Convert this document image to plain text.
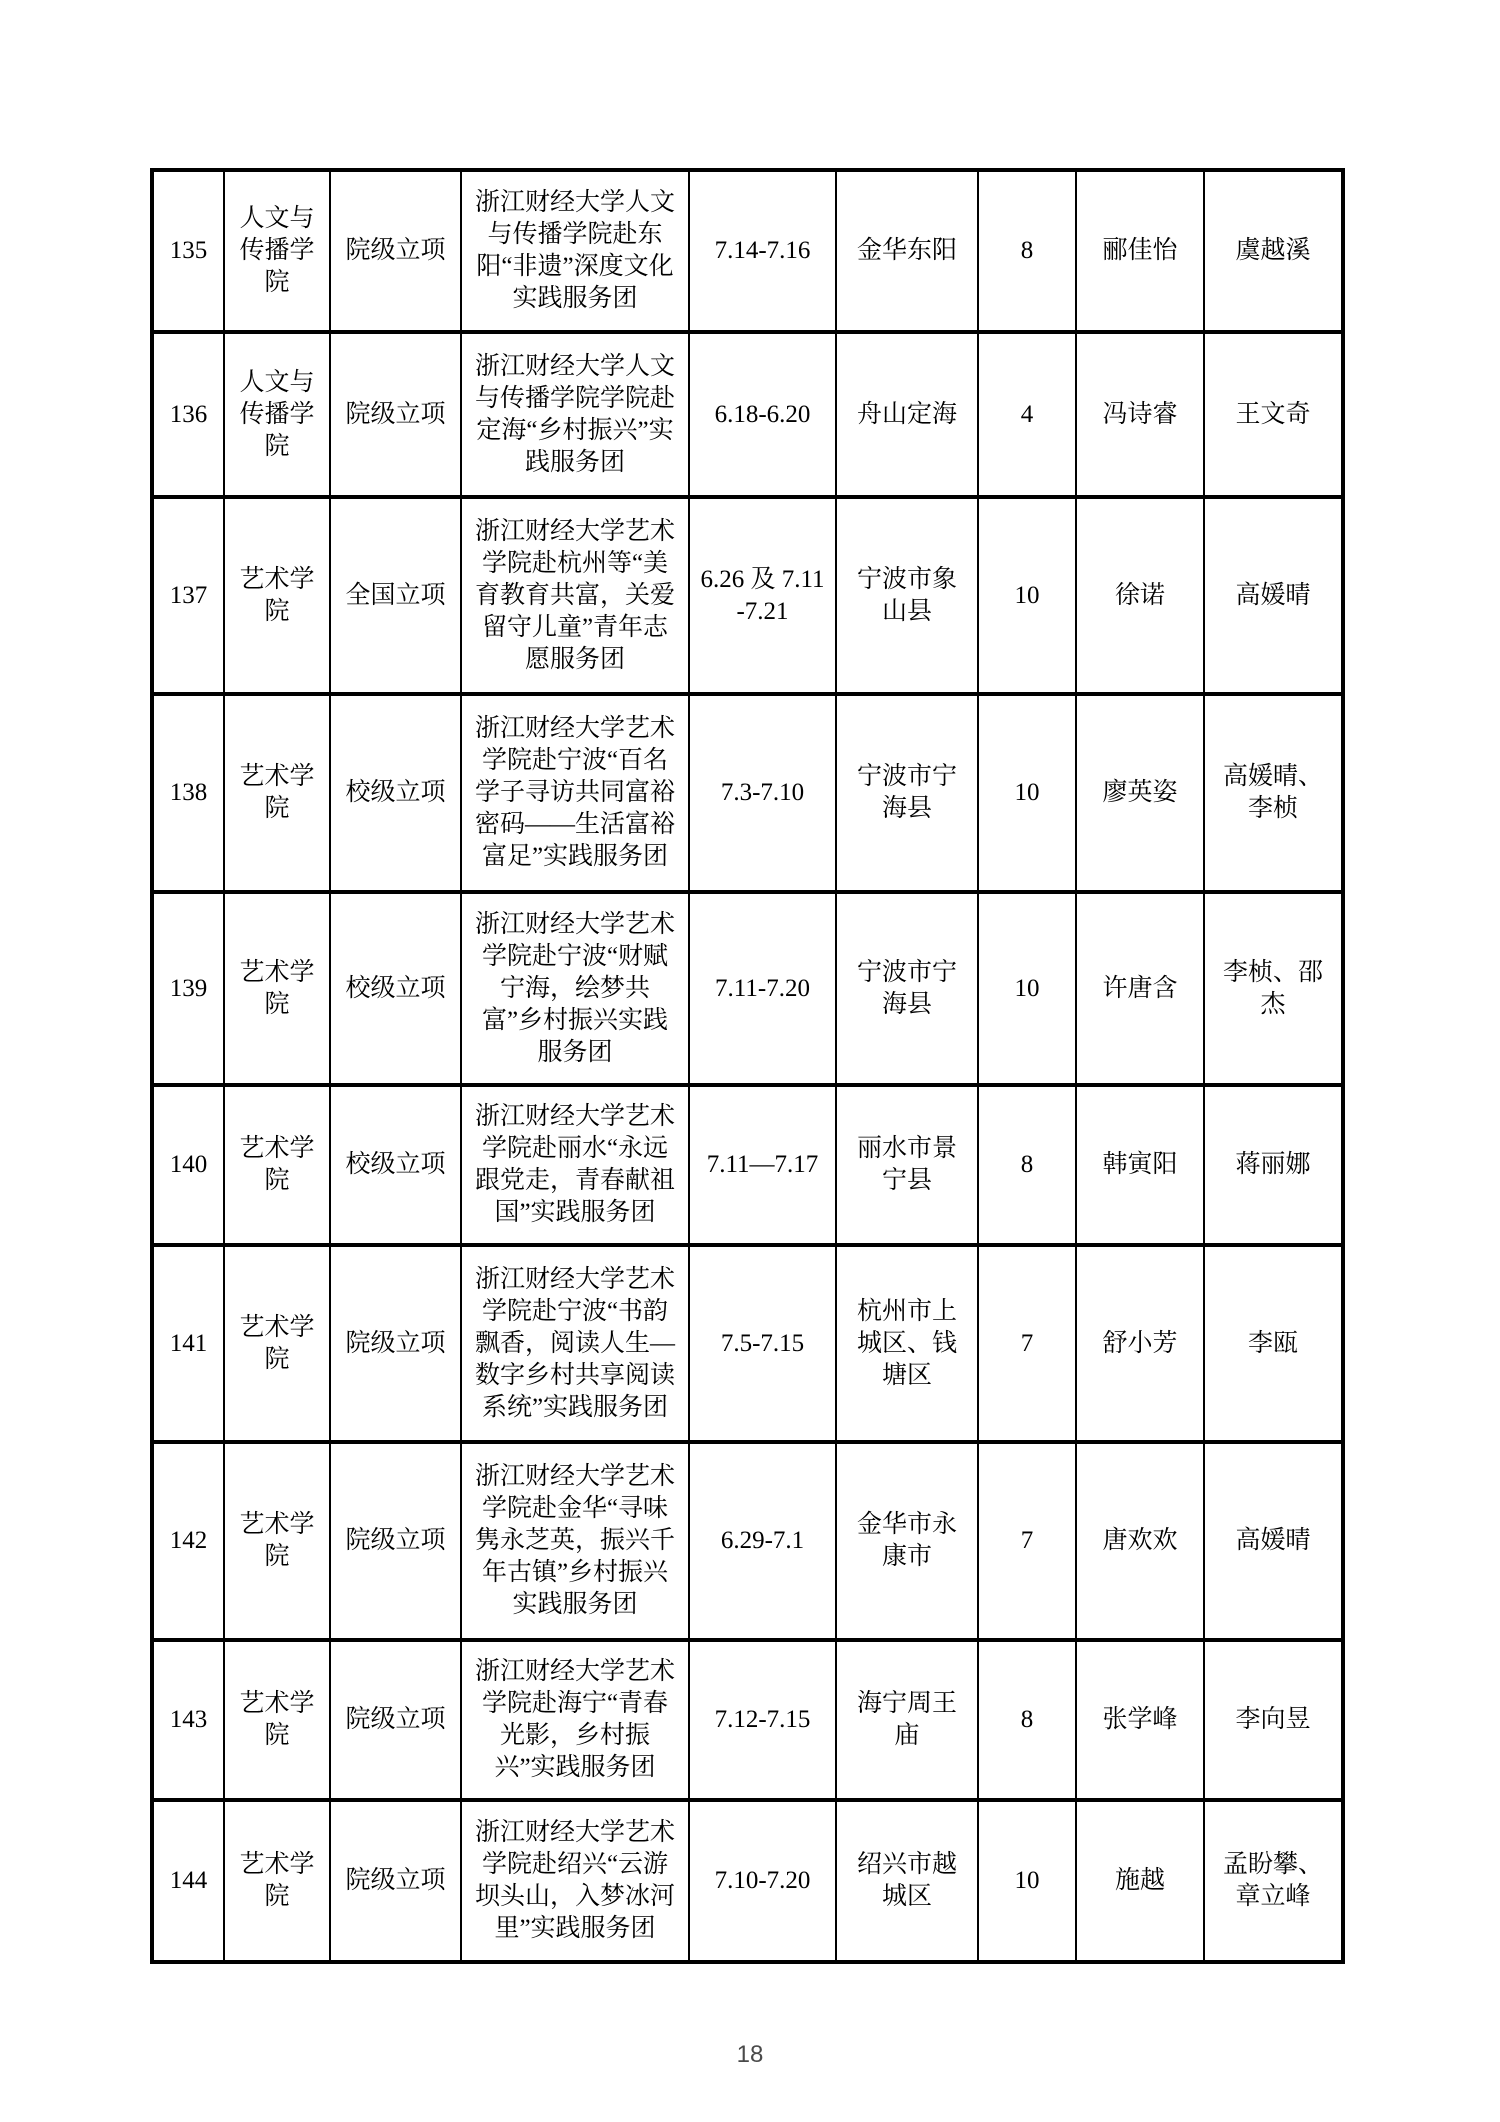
135	人文与传播学院	院级立项	浙江财经大学人文与传播学院赴东阳“非遗”深度文化实践服务团	7.14-7.16	金华东阳	8	郦佳怡	虞越溪
136	人文与传播学院	院级立项	浙江财经大学人文与传播学院学院赴定海“乡村振兴”实践服务团	6.18-6.20	舟山定海	4	冯诗睿	王文奇
137	艺术学院	全国立项	浙江财经大学艺术学院赴杭州等“美育教育共富，关爱留守儿童”青年志愿服务团	6.26 及 7.11-7.21	宁波市象山县	10	徐诺	高媛晴
138	艺术学院	校级立项	浙江财经大学艺术学院赴宁波“百名学子寻访共同富裕密码——生活富裕富足”实践服务团	7.3-7.10	宁波市宁海县	10	廖英姿	高媛晴、李桢
139	艺术学院	校级立项	浙江财经大学艺术学院赴宁波“财赋宁海，绘梦共富”乡村振兴实践服务团	7.11-7.20	宁波市宁海县	10	许唐含	李桢、邵杰
140	艺术学院	校级立项	浙江财经大学艺术学院赴丽水“永远跟党走，青春献祖国”实践服务团	7.11—7.17	丽水市景宁县	8	韩寅阳	蒋丽娜
141	艺术学院	院级立项	浙江财经大学艺术学院赴宁波“书韵飘香，阅读人生—数字乡村共享阅读系统”实践服务团	7.5-7.15	杭州市上城区、钱塘区	7	舒小芳	李瓯
142	艺术学院	院级立项	浙江财经大学艺术学院赴金华“寻味隽永芝英，振兴千年古镇”乡村振兴实践服务团	6.29-7.1	金华市永康市	7	唐欢欢	高媛晴
143	艺术学院	院级立项	浙江财经大学艺术学院赴海宁“青春光影，乡村振兴”实践服务团	7.12-7.15	海宁周王庙	8	张学峰	李向昱
144	艺术学院	院级立项	浙江财经大学艺术学院赴绍兴“云游坝头山，入梦冰河里”实践服务团	7.10-7.20	绍兴市越城区	10	施越	孟盼攀、章立峰
18
